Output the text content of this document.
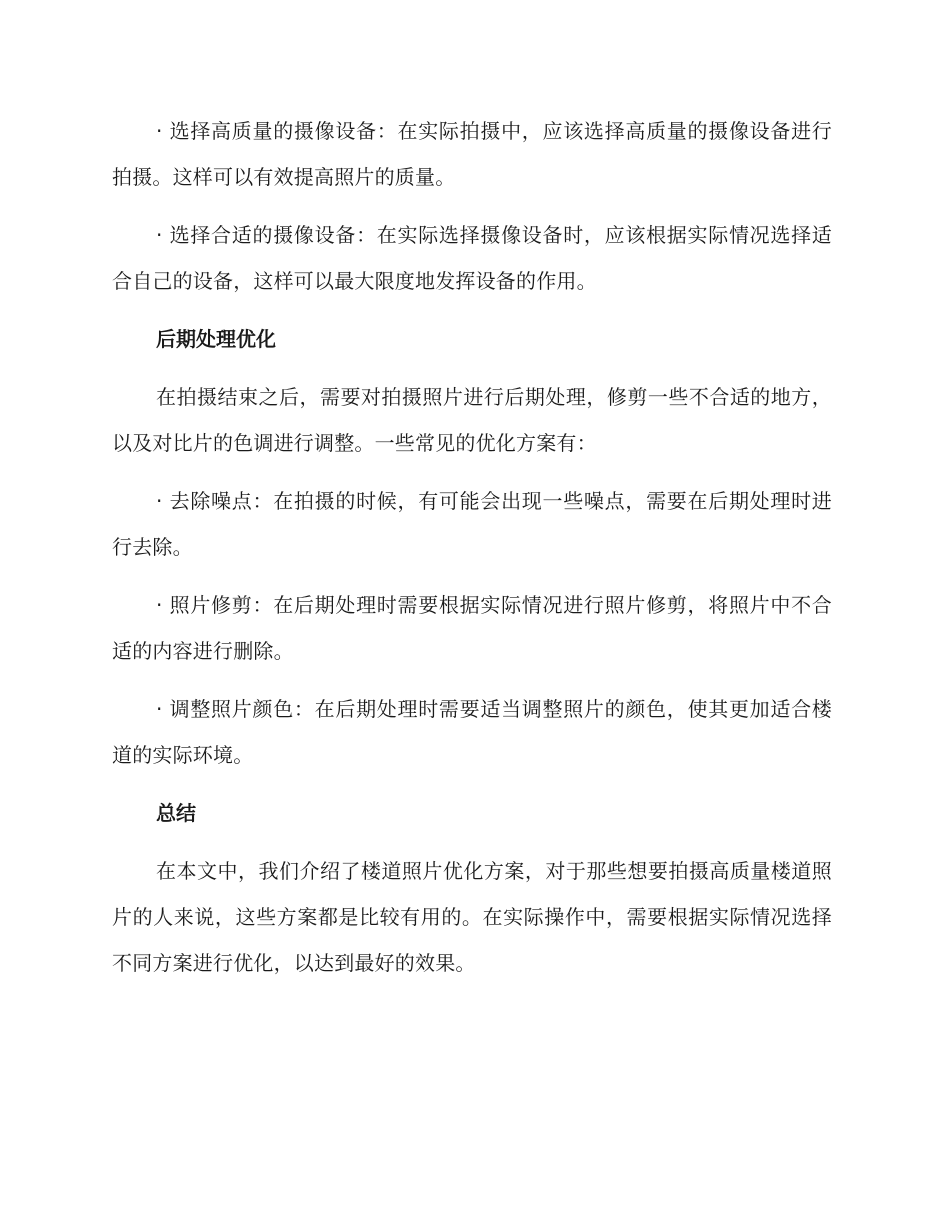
· 选择高质量的摄像设备：在实际拍摄中，应该选择高质量的摄像设备进行拍摄。这样可以有效提高照片的质量。

· 选择合适的摄像设备：在实际选择摄像设备时，应该根据实际情况选择适合自己的设备，这样可以最大限度地发挥设备的作用。

后期处理优化

在拍摄结束之后，需要对拍摄照片进行后期处理，修剪一些不合适的地方，以及对比片的色调进行调整。一些常见的优化方案有：

· 去除噪点：在拍摄的时候，有可能会出现一些噪点，需要在后期处理时进行去除。

· 照片修剪：在后期处理时需要根据实际情况进行照片修剪，将照片中不合适的内容进行删除。

· 调整照片颜色：在后期处理时需要适当调整照片的颜色，使其更加适合楼道的实际环境。

总结

在本文中，我们介绍了楼道照片优化方案，对于那些想要拍摄高质量楼道照片的人来说，这些方案都是比较有用的。在实际操作中，需要根据实际情况选择不同方案进行优化，以达到最好的效果。
